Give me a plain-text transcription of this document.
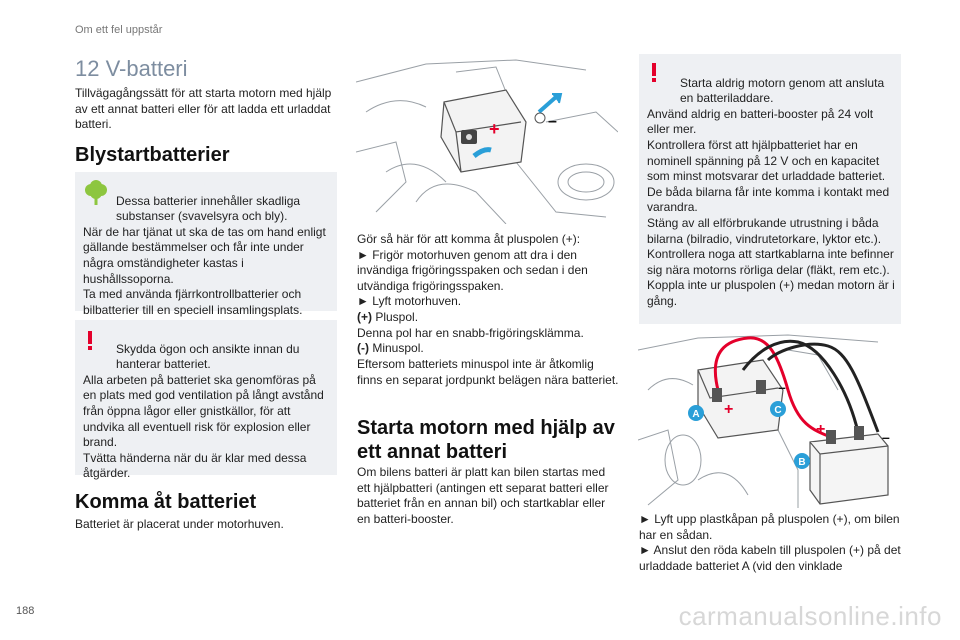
Om ett fel uppstår
12 V-batteri

Tillvägagångssätt för att starta motorn med hjälp av ett annat batteri eller för att ladda ett urladdat batteri.

Blystartbatterier

Dessa batterier innehåller skadliga substanser (svavelsyra och bly).
När de har tjänat ut ska de tas om hand enligt gällande bestämmelser och får inte under några omständigheter kastas i hushållssoporna.
Ta med använda fjärrkontrollbatterier och bilbatterier till en speciell insamlingsplats.

Skydda ögon och ansikte innan du hanterar batteriet.
Alla arbeten på batteriet ska genomföras på en plats med god ventilation på långt avstånd från öppna lågor eller gnistkällor, för att undvika all eventuell risk för explosion eller brand.
Tvätta händerna när du är klar med dessa åtgärder.

Komma åt batteriet

Batteriet är placerat under motorhuven.

+	–

Gör så här för att komma åt pluspolen (+):
► Frigör motorhuven genom att dra i den invändiga frigöringsspaken och sedan i den utvändiga frigöringsspaken.
► Lyft motorhuven.

(+) Pluspol.

Denna pol har en snabb-frigöringsklämma.

(-) Minuspol.

Eftersom batteriets minuspol inte är åtkomlig finns en separat jordpunkt belägen nära batteriet.

Starta motorn med hjälp av ett annat batteri

Om bilens batteri är platt kan bilen startas med ett hjälpbatteri (antingen ett separat batteri eller batteriet från en annan bil) och startkablar eller en batteri-booster.

Starta aldrig motorn genom att ansluta en batteriladdare.
Använd aldrig en batteri-booster på 24 volt eller mer.
Kontrollera först att hjälpbatteriet har en nominell spänning på 12 V och en kapacitet som minst motsvarar det urladdade batteriet.
De båda bilarna får inte komma i kontakt med varandra.
Stäng av all elförbrukande utrustning i båda bilarna (bilradio, vindrutetorkare, lyktor etc.).
Kontrollera noga att startkablarna inte befinner sig nära motorns rörliga delar (fläkt, rem etc.).
Koppla inte ur pluspolen (+) medan motorn är i gång.

+
+
–
–
A	C
B

► Lyft upp plastkåpan på pluspolen (+), om bilen har en sådan.
► Anslut den röda kabeln till pluspolen (+) på det urladdade batteriet A (vid den vinklade

188	carmanualsonline.info
